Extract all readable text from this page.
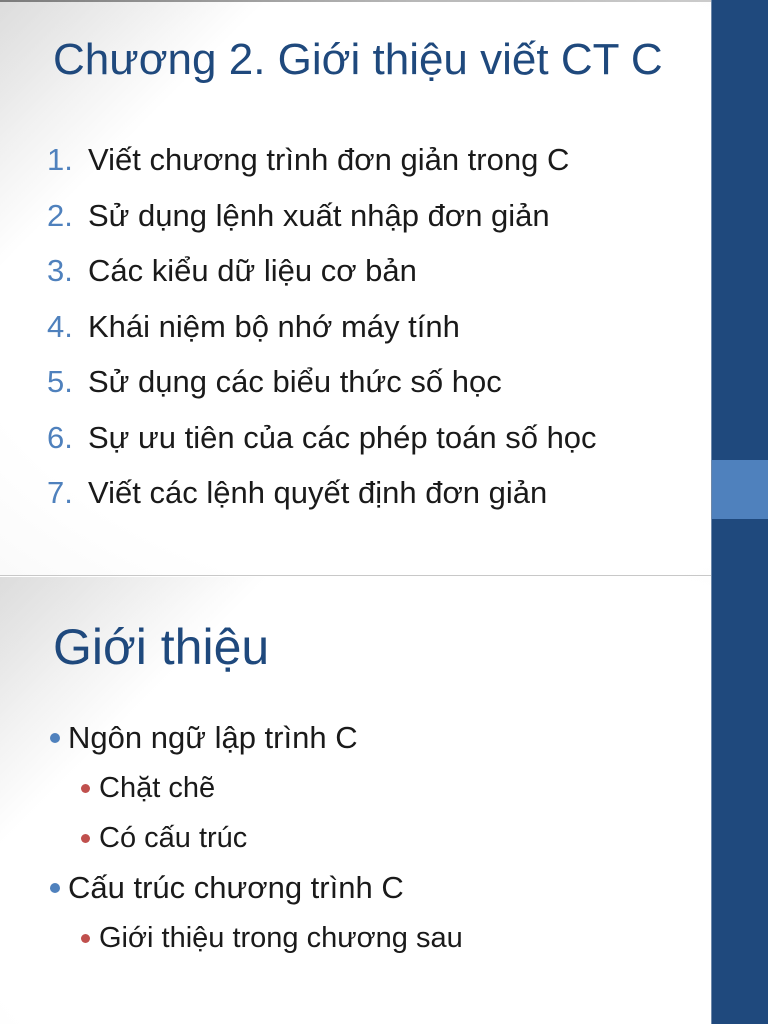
Chương 2. Giới thiệu viết CT C
1. Viết chương trình đơn giản trong C
2. Sử dụng lệnh xuất nhập đơn giản
3. Các kiểu dữ liệu cơ bản
4. Khái niệm bộ nhớ máy tính
5. Sử dụng các biểu thức số học
6. Sự ưu tiên của các phép toán số học
7. Viết các lệnh quyết định đơn giản
Giới thiệu
Ngôn ngữ lập trình C
Chặt chẽ
Có cấu trúc
Cấu trúc chương trình C
Giới thiệu trong chương sau
